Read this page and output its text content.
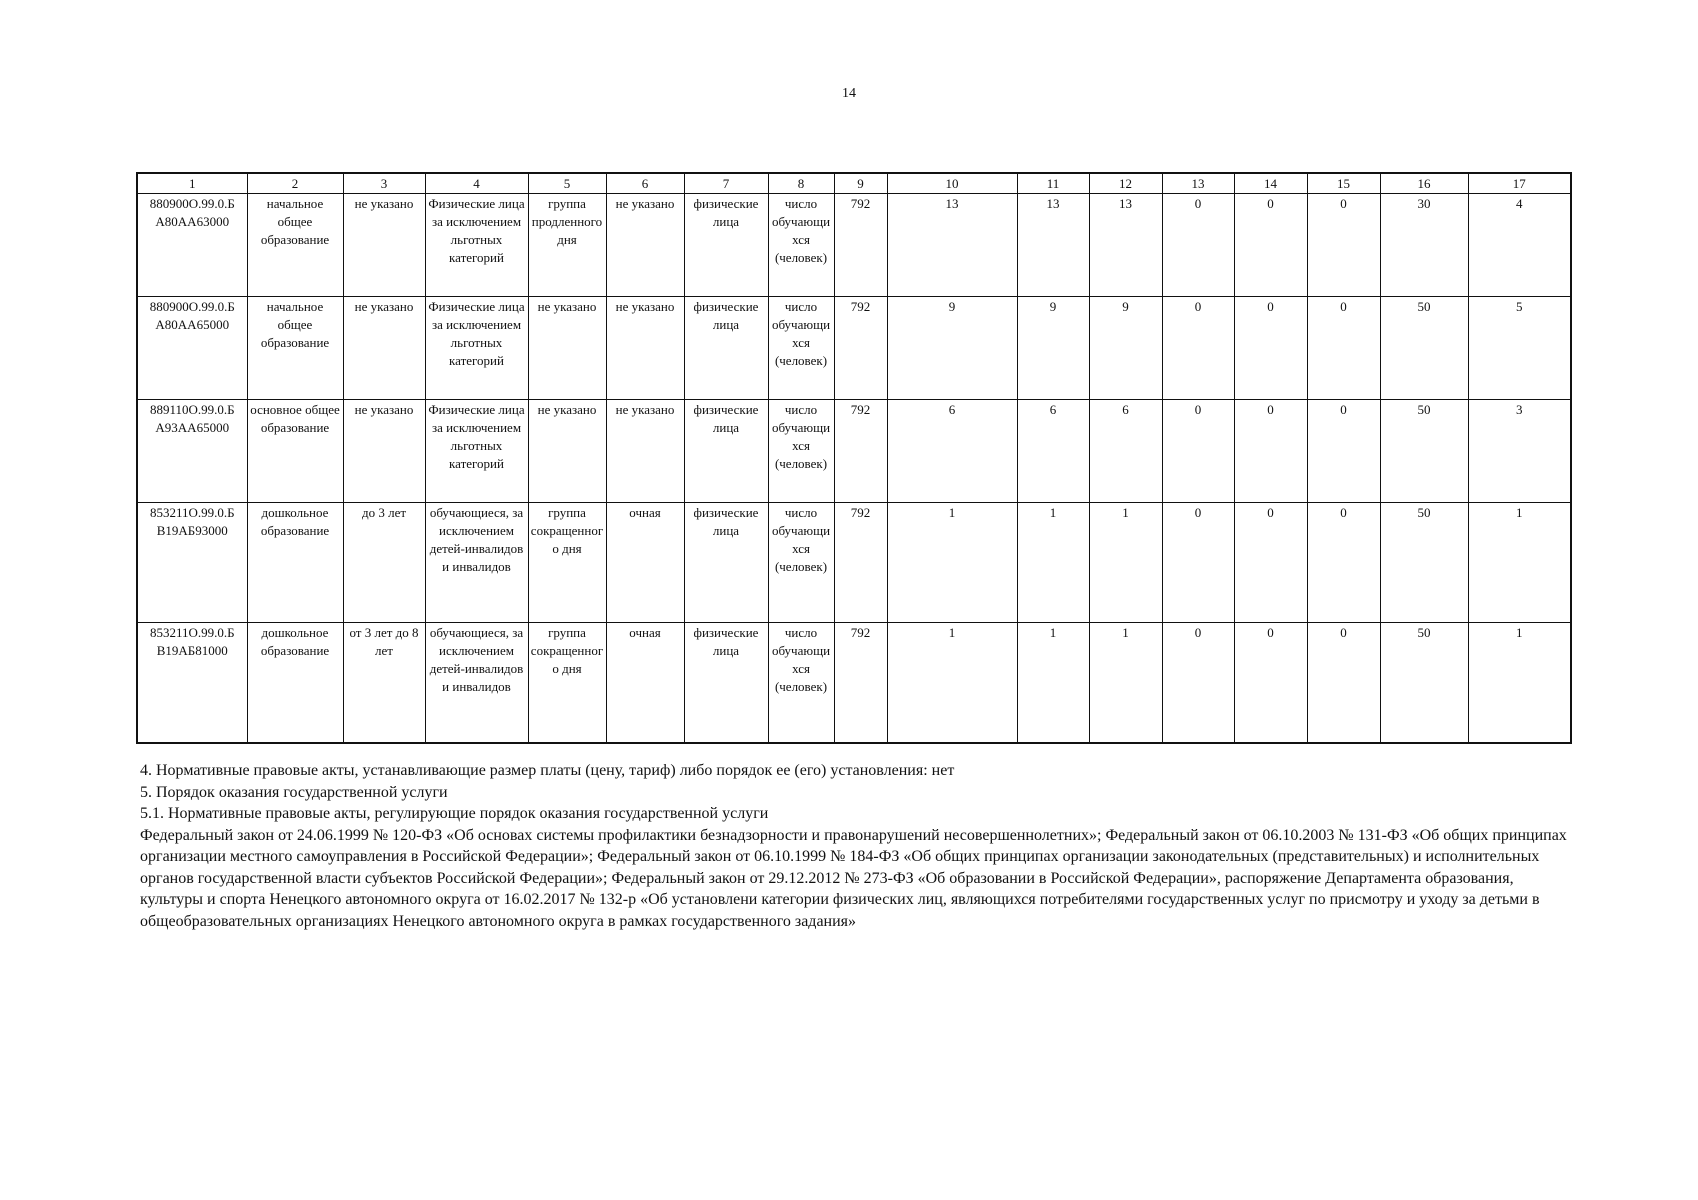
14
1	2	3	4	5	6	7	8	9	10	11	12	13	14	15	16	17
880900О.99.0.Б А80АА63000	начальное общее образование	не указано	Физические лица за исключением льготных категорий	группа продленного дня	не указано	физические лица	число обучающихся (человек)	792	13	13	13	0	0	0	30	4
880900О.99.0.Б А80АА65000	начальное общее образование	не указано	Физические лица за исключением льготных категорий	не указано	не указано	физические лица	число обучающихся (человек)	792	9	9	9	0	0	0	50	5
889110О.99.0.Б А93АА65000	основное общее образование	не указано	Физические лица за исключением льготных категорий	не указано	не указано	физические лица	число обучающихся (человек)	792	6	6	6	0	0	0	50	3
853211О.99.0.Б В19АБ93000	дошкольное образование	до 3 лет	обучающиеся, за исключением детей-инвалидов и инвалидов	группа сокращенного дня	очная	физические лица	число обучающихся (человек)	792	1	1	1	0	0	0	50	1
853211О.99.0.Б В19АБ81000	дошкольное образование	от 3 лет до 8 лет	обучающиеся, за исключением детей-инвалидов и инвалидов	группа сокращенного дня	очная	физические лица	число обучающихся (человек)	792	1	1	1	0	0	0	50	1

4. Нормативные правовые акты, устанавливающие размер платы (цену, тариф) либо порядок ее (его) установления: нет

5. Порядок оказания государственной услуги

5.1. Нормативные правовые акты, регулирующие порядок оказания государственной услуги

Федеральный закон от 24.06.1999 № 120-ФЗ «Об основах системы профилактики безнадзорности и правонарушений несовершеннолетних»; Федеральный закон от 06.10.2003 № 131-ФЗ «Об общих принципах организации местного самоуправления в Российской Федерации»; Федеральный закон от 06.10.1999 № 184-ФЗ «Об общих принципах организации законодательных (представительных) и исполнительных органов государственной власти субъектов Российской Федерации»; Федеральный закон от 29.12.2012 № 273-ФЗ «Об образовании в Российской Федерации», распоряжение Департамента образования, культуры и спорта Ненецкого автономного округа от 16.02.2017 № 132-р «Об установлени категории физических лиц, являющихся потребителями государственных услуг по присмотру и уходу за детьми в общеобразовательных организациях Ненецкого автономного округа в рамках государственного задания»
